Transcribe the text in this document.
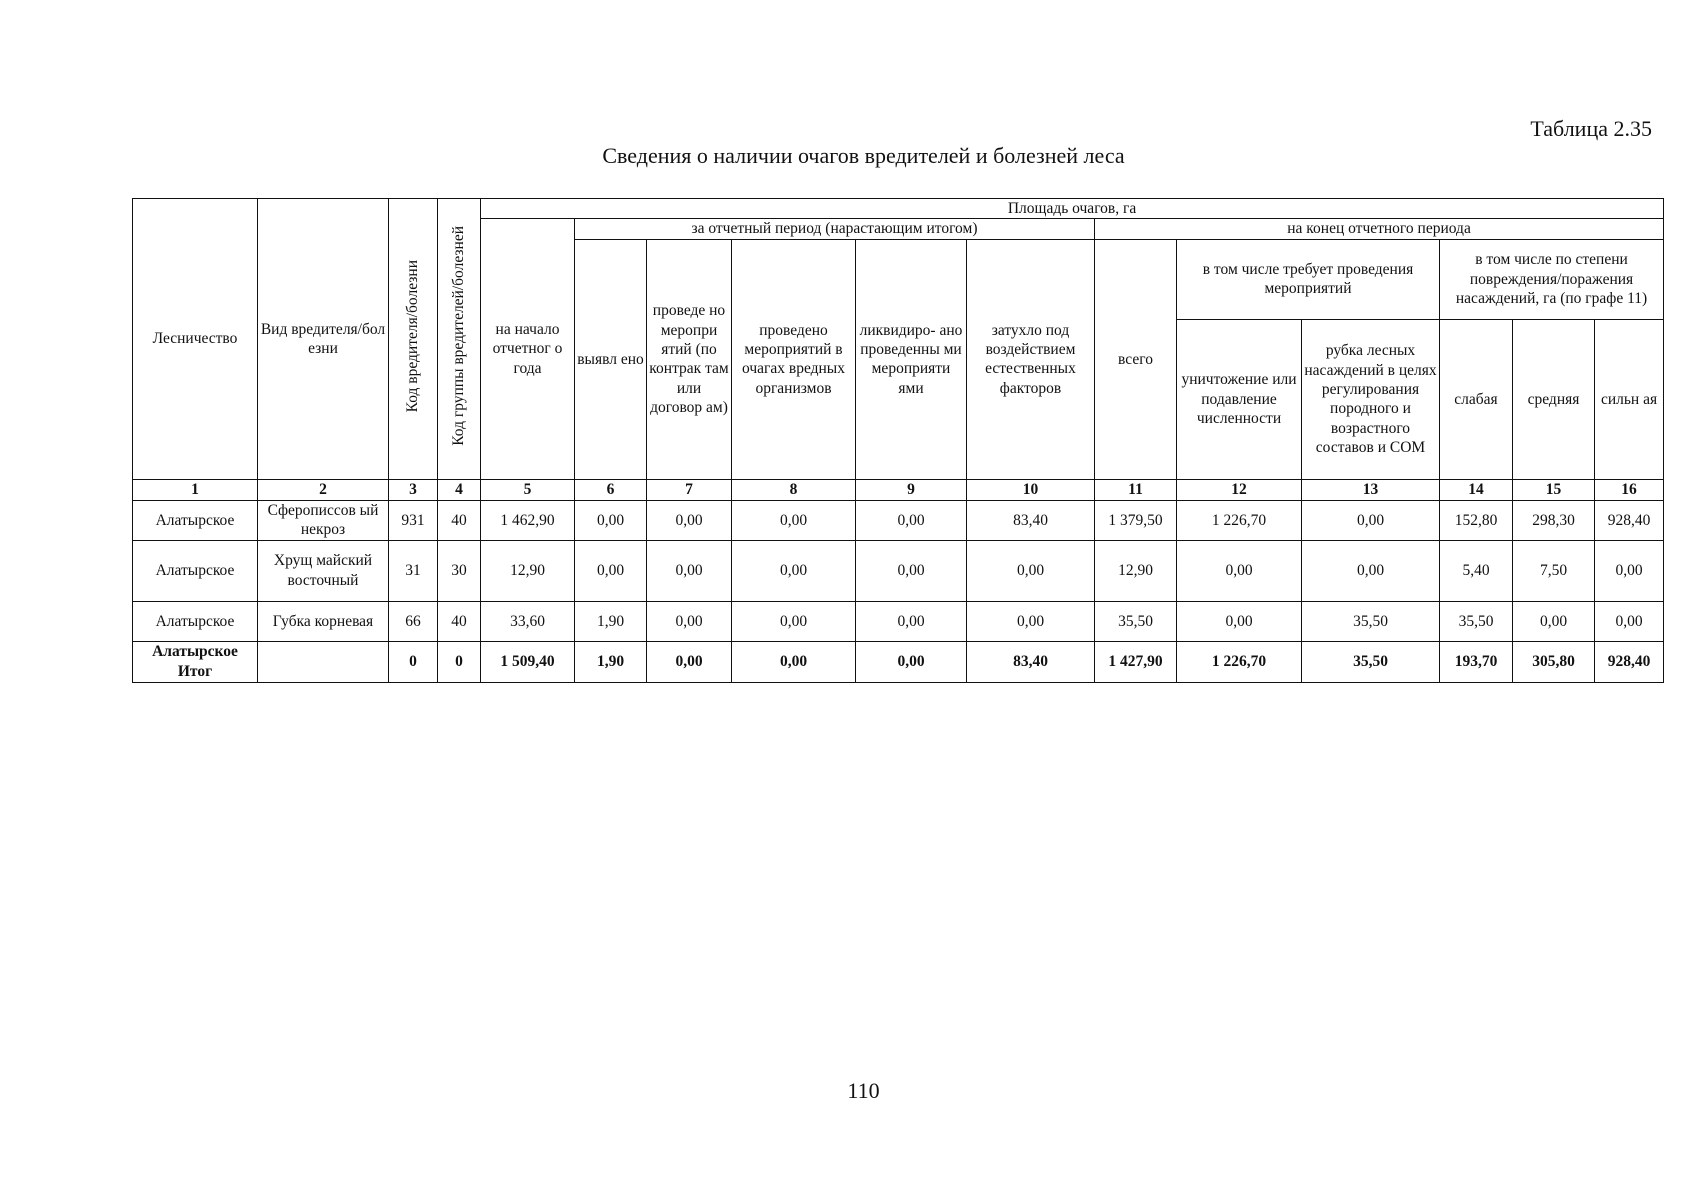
Таблица 2.35
Сведения о наличии очагов вредителей и болезней леса
Лесничество	Вид вредителя/бол езни	Код вредителя/болезни	Код группы вредителей/болезней	Площадь очагов, га											
				на начало отчетног о года	за отчетный период (нарастающим итогом)					на конец отчетного периода					
					выявл ено	проведе но меропри ятий (по контрак там или договор ам)	проведено мероприятий в очагах вредных организмов	ликвидиро- ано проведенны ми мероприяти ями	затухло под воздействием естественных факторов	всего	в том числе требует проведения мероприятий		в том числе по степени повреждения/поражения насаждений, га (по графе 11)		
											уничтожение или подавление численности	рубка лесных насаждений в целях регулирования породного и возрастного составов и СОМ	слабая	средняя	сильн ая
1	2	3	4	5	6	7	8	9	10	11	12	13	14	15	16
Алатырское	Сферописсов ый некроз	931	40	1 462,90	0,00	0,00	0,00	0,00	83,40	1 379,50	1 226,70	0,00	152,80	298,30	928,40
Алатырское	Хрущ майский восточный	31	30	12,90	0,00	0,00	0,00	0,00	0,00	12,90	0,00	0,00	5,40	7,50	0,00
Алатырское	Губка корневая	66	40	33,60	1,90	0,00	0,00	0,00	0,00	35,50	0,00	35,50	35,50	0,00	0,00
Алатырское Итог		0	0	1 509,40	1,90	0,00	0,00	0,00	83,40	1 427,90	1 226,70	35,50	193,70	305,80	928,40
110
